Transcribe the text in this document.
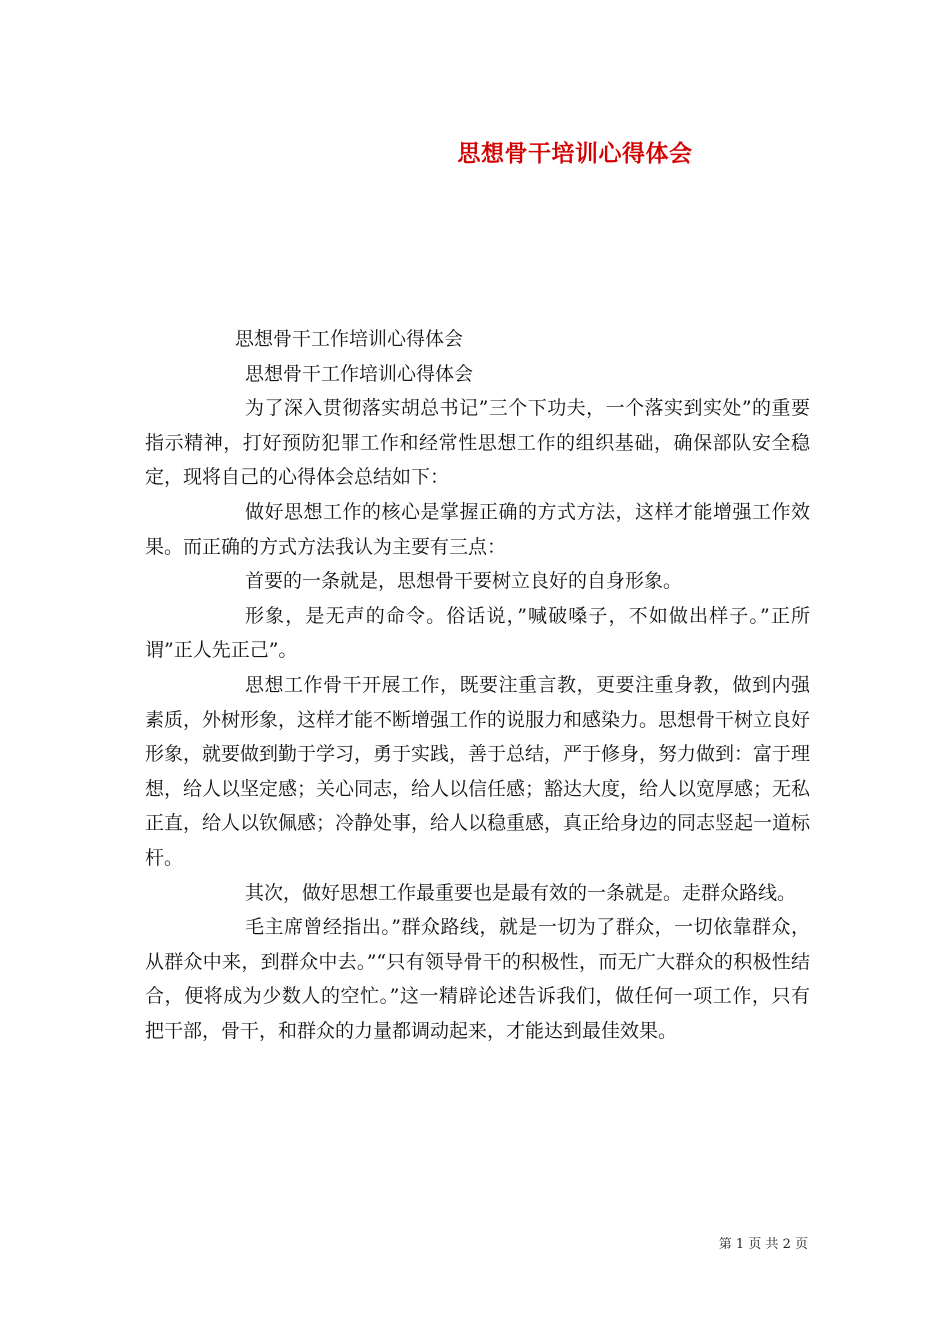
思想骨干培训心得体会
思想骨干工作培训心得体会
思想骨干工作培训心得体会

为了深入贯彻落实胡总书记”三个下功夫，一个落实到实处”的重要指示精神，打好预防犯罪工作和经常性思想工作的组织基础，确保部队安全稳定，现将自己的心得体会总结如下：

做好思想工作的核心是掌握正确的方式方法，这样才能增强工作效果。而正确的方式方法我认为主要有三点：

首要的一条就是，思想骨干要树立良好的自身形象。

形象，是无声的命令。俗话说，”喊破嗓子，不如做出样子。”正所谓”正人先正己”。

思想工作骨干开展工作，既要注重言教，更要注重身教，做到内强素质，外树形象，这样才能不断增强工作的说服力和感染力。思想骨干树立良好形象，就要做到勤于学习，勇于实践，善于总结，严于修身，努力做到：富于理想，给人以坚定感；关心同志，给人以信任感；豁达大度，给人以宽厚感；无私正直，给人以钦佩感；冷静处事，给人以稳重感，真正给身边的同志竖起一道标杆。

其次，做好思想工作最重要也是最有效的一条就是。走群众路线。

毛主席曾经指出。”群众路线，就是一切为了群众，一切依靠群众，从群众中来，到群众中去。”“只有领导骨干的积极性，而无广大群众的积极性结合，便将成为少数人的空忙。”这一精辟论述告诉我们，做任何一项工作，只有把干部，骨干，和群众的力量都调动起来，才能达到最佳效果。

第 1 页 共 2 页
